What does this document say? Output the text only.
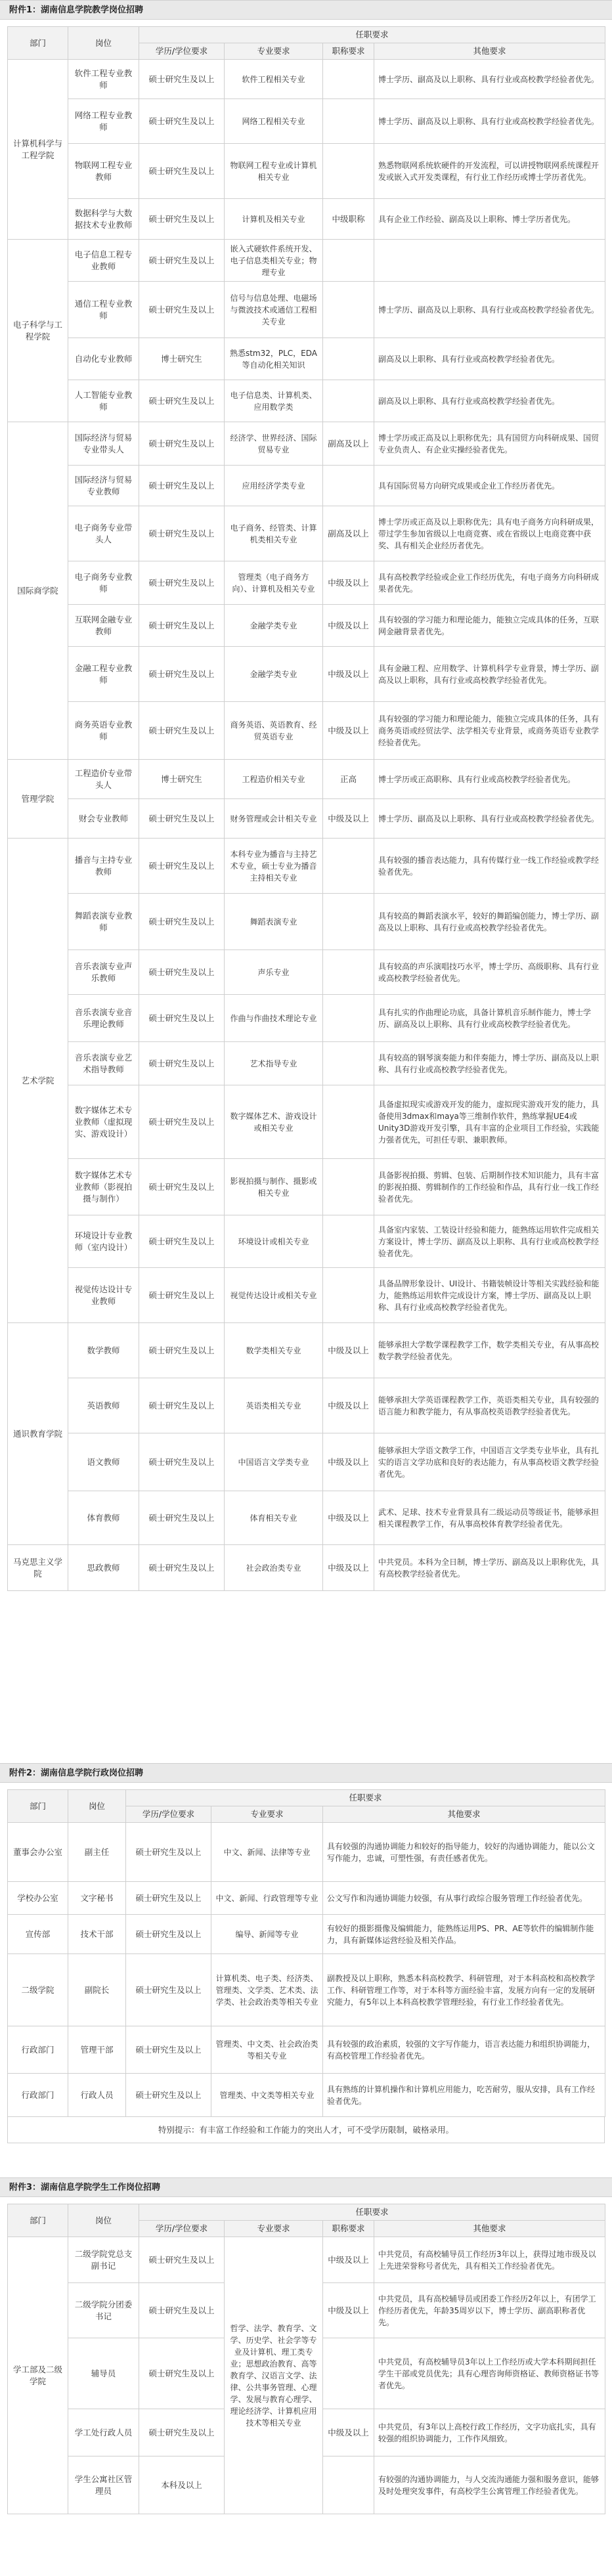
附件1：湖南信息学院教学岗位招聘
部门	岗位	任职要求			
		学历/学位要求	专业要求	职称要求	其他要求
计算机科学与工程学院	软件工程专业教师	硕士研究生及以上	软件工程相关专业		博士学历、副高及以上职称、具有行业或高校教学经验者优先。
	网络工程专业教师	硕士研究生及以上	网络工程相关专业		博士学历、副高及以上职称、具有行业或高校教学经验者优先。
	物联网工程专业教师	硕士研究生及以上	物联网工程专业或计算机相关专业		熟悉物联网系统软硬件的开发流程，可以讲授物联网系统课程开发或嵌入式开发类课程，有行业工作经历或博士学历者优先。
	数据科学与大数据技术专业教师	硕士研究生及以上	计算机及相关专业	中级职称	具有企业工作经验、副高及以上职称、博士学历者优先。
电子科学与工程学院	电子信息工程专业教师	硕士研究生及以上	嵌入式硬软件系统开发、电子信息类相关专业；物理专业		
	通信工程专业教师	硕士研究生及以上	信号与信息处理、电磁场与微波技术或通信工程相关专业		博士学历、副高及以上职称、具有行业或高校教学经验者优先。
	自动化专业教师	博士研究生	熟悉stm32，PLC，EDA等自动化相关知识		副高及以上职称、具有行业或高校教学经验者优先。
	人工智能专业教师	硕士研究生及以上	电子信息类、计算机类、应用数学类		副高及以上职称、具有行业或高校教学经验者优先。
国际商学院	国际经济与贸易专业带头人	硕士研究生及以上	经济学、世界经济、国际贸易专业	副高及以上	博士学历或正高及以上职称优先；具有国贸方向科研成果、国贸专业负责人、有企业实操经验者优先。
	国际经济与贸易专业教师	硕士研究生及以上	应用经济学类专业		具有国际贸易方向研究成果或企业工作经历者优先。
	电子商务专业带头人	硕士研究生及以上	电子商务、经管类、计算机类相关专业	副高及以上	博士学历或正高及以上职称优先；具有电子商务方向科研成果，带过学生参加省级以上电商竞赛、或在省级以上电商竞赛中获奖、具有相关企业经历者优先。
	电子商务专业教师	硕士研究生及以上	管理类（电子商务方向）、计算机及相关专业	中级及以上	具有高校教学经验或企业工作经历优先，有电子商务方向科研成果者优先。
	互联网金融专业教师	硕士研究生及以上	金融学类专业	中级及以上	具有较强的学习能力和理论能力，能独立完成具体的任务，互联网金融背景者优先。
	金融工程专业教师	硕士研究生及以上	金融学类专业	中级及以上	具有金融工程、应用数学、计算机科学专业背景，博士学历、副高及以上职称，具有行业或高校教学经验者优先。
	商务英语专业教师	硕士研究生及以上	商务英语、英语教育、经贸英语专业	中级及以上	具有较强的学习能力和理论能力，能独立完成具体的任务，具有商务英语或经贸法学、法学相关专业背景，或商务英语专业教学经验者优先。
管理学院	工程造价专业带头人	博士研究生	工程造价相关专业	正高	博士学历或正高职称、具有行业或高校教学经验者优先。
	财会专业教师	硕士研究生及以上	财务管理或会计相关专业	中级及以上	博士学历、副高及以上职称、具有行业或高校教学经验者优先。
艺术学院	播音与主持专业教师	硕士研究生及以上	本科专业为播音与主持艺术专业，硕士专业为播音主持相关专业		具有较强的播音表达能力，具有传媒行业一线工作经验或教学经验者优先。
	舞蹈表演专业教师	硕士研究生及以上	舞蹈表演专业		具有较高的舞蹈表演水平，较好的舞蹈编创能力，博士学历、副高及以上职称、具有行业或高校教学经验者优先。
	音乐表演专业声乐教师	硕士研究生及以上	声乐专业		具有较高的声乐演唱技巧水平，博士学历、高级职称、具有行业或高校教学经验者优先。
	音乐表演专业音乐理论教师	硕士研究生及以上	作曲与作曲技术理论专业		具有扎实的作曲理论功底，具备计算机音乐制作能力，博士学历、副高及以上职称、具有行业或高校教学经验者优先。
	音乐表演专业艺术指导教师	硕士研究生及以上	艺术指导专业		具有较高的钢琴演奏能力和伴奏能力，博士学历、副高及以上职称、具有行业或高校教学经验者优先。
	数字媒体艺术专业教师（虚拟现实、游戏设计）	硕士研究生及以上	数字媒体艺术、游戏设计或相关专业		具备虚拟现实或游戏开发的能力，虚拟现实游戏开发的能力，具备使用3dmax和maya等三维制作软件，熟练掌握UE4或Unity3D游戏开发引擎，具有丰富的企业项目工作经验，实践能力强者优先，可担任专职、兼职教师。
	数字媒体艺术专业教师（影视拍摄与制作）	硕士研究生及以上	影视拍摄与制作、摄影或相关专业		具备影视拍摄、剪辑、包装、后期制作技术知识能力，具有丰富的影视拍摄、剪辑制作的工作经验和作品，具有行业一线工作经验者优先。
	环境设计专业教师（室内设计）	硕士研究生及以上	环境设计或相关专业		具备室内家装、工装设计经验和能力，能熟练运用软件完成相关方案设计，博士学历、副高及以上职称、具有行业或高校教学经验者优先。
	视觉传达设计专业教师	硕士研究生及以上	视觉传达设计或相关专业		具备品牌形象设计、UI设计、书籍装帧设计等相关实践经验和能力，能熟练运用软件完成设计方案，博士学历、副高及以上职称、具有行业或高校教学经验者优先。
通识教育学院	数学教师	硕士研究生及以上	数学类相关专业	中级及以上	能够承担大学数学课程教学工作，数学类相关专业，有从事高校数学教学经验者优先。
	英语教师	硕士研究生及以上	英语类相关专业	中级及以上	能够承担大学英语课程教学工作，英语类相关专业，具有较强的语言能力和教学能力，有从事高校英语教学经验者优先。
	语文教师	硕士研究生及以上	中国语言文学类专业	中级及以上	能够承担大学语文教学工作，中国语言文学类专业毕业，具有扎实的语言文学功底和良好的表达能力，有从事高校语文教学经验者优先。
	体育教师	硕士研究生及以上	体育相关专业	中级及以上	武术、足球、技术专业背景具有二级运动员等级证书，能够承担相关课程教学工作，有从事高校体育教学经验者优先。
马克思主义学院	思政教师	硕士研究生及以上	社会政治类专业	中级及以上	中共党员。本科为全日制，博士学历、副高及以上职称优先，具有高校教学经验者优先。
附件2：湖南信息学院行政岗位招聘
部门	岗位	任职要求		
		学历/学位要求	专业要求	其他要求
董事会办公室	副主任	硕士研究生及以上	中文、新闻、法律等专业	具有较强的沟通协调能力和较好的指导能力，较好的沟通协调能力，能以公文写作能力，忠诚，可塑性强，有责任感者优先。
学校办公室	文字秘书	硕士研究生及以上	中文、新闻、行政管理等专业	公文写作和沟通协调能力较强，有从事行政综合服务管理工作经验者优先。
宣传部	技术干部	硕士研究生及以上	编导、新闻等专业	有较好的摄影摄像及编辑能力，能熟练运用PS、PR、AE等软件的编辑制作能力，具有新媒体运营经验及相关作品。
二级学院	副院长	硕士研究生及以上	计算机类、电子类、经济类、管理类、文学类、艺术类、法学类、社会政治类等相关专业	副教授及以上职称，熟悉本科高校教学、科研管理，对于本科高校和高校教学工作、科研管理工作等，对于本科等方面经验丰富，发展方向有一定的发展研究能力，有5年以上本科高校教学管理经验，有行业工作经验者优先。
行政部门	管理干部	硕士研究生及以上	管理类、中文类、社会政治类等相关专业	具有较强的政治素质，较强的文字写作能力，语言表达能力和组织协调能力，有高校管理工作经验者优先。
行政部门	行政人员	硕士研究生及以上	管理类、中文类等相关专业	具有熟练的计算机操作和计算机应用能力，吃苦耐劳，服从安排，具有工作经验者优先。
特别提示：有丰富工作经验和工作能力的突出人才，可不受学历限制，破格录用。
附件3：湖南信息学院学生工作岗位招聘
部门	岗位	任职要求			
		学历/学位要求	专业要求	职称要求	其他要求
学工部及二级学院	二级学院党总支副书记	硕士研究生及以上	哲学、法学、教育学、文学、历史学、社会学等专业及计算机、理工类专业；思想政治教育、高等教育学、汉语言文学、法律、公共事务管理、心理学、发展与教育心理学、理论经济学、计算机应用技术等相关专业	中级及以上	中共党员，有高校辅导员工作经历3年以上，获得过地市级及以上先进荣誉称号者优先，具有相关工作经验者优先。
	二级学院分团委书记	硕士研究生及以上		中级及以上	中共党员，具有高校辅导员或团委工作经历2年以上，有团学工作经历者优先，年龄35周岁以下，博士学历、副高职称者优先。
	辅导员	硕士研究生及以上			中共党员，有高校辅导员3年以上工作经历或大学本科期间担任学生干部或党员优先；具有心理咨询师资格证、教师资格证书等者优先。
	学工处行政人员	硕士研究生及以上		中级及以上	中共党员，有3年以上高校行政工作经历，文字功底扎实，具有较强的组织协调能力，工作作风细致。
	学生公寓社区管理员	本科及以上			有较强的沟通协调能力，与人交流沟通能力强和服务意识，能够及时处理突发事件，有高校学生公寓管理工作经验者优先。
